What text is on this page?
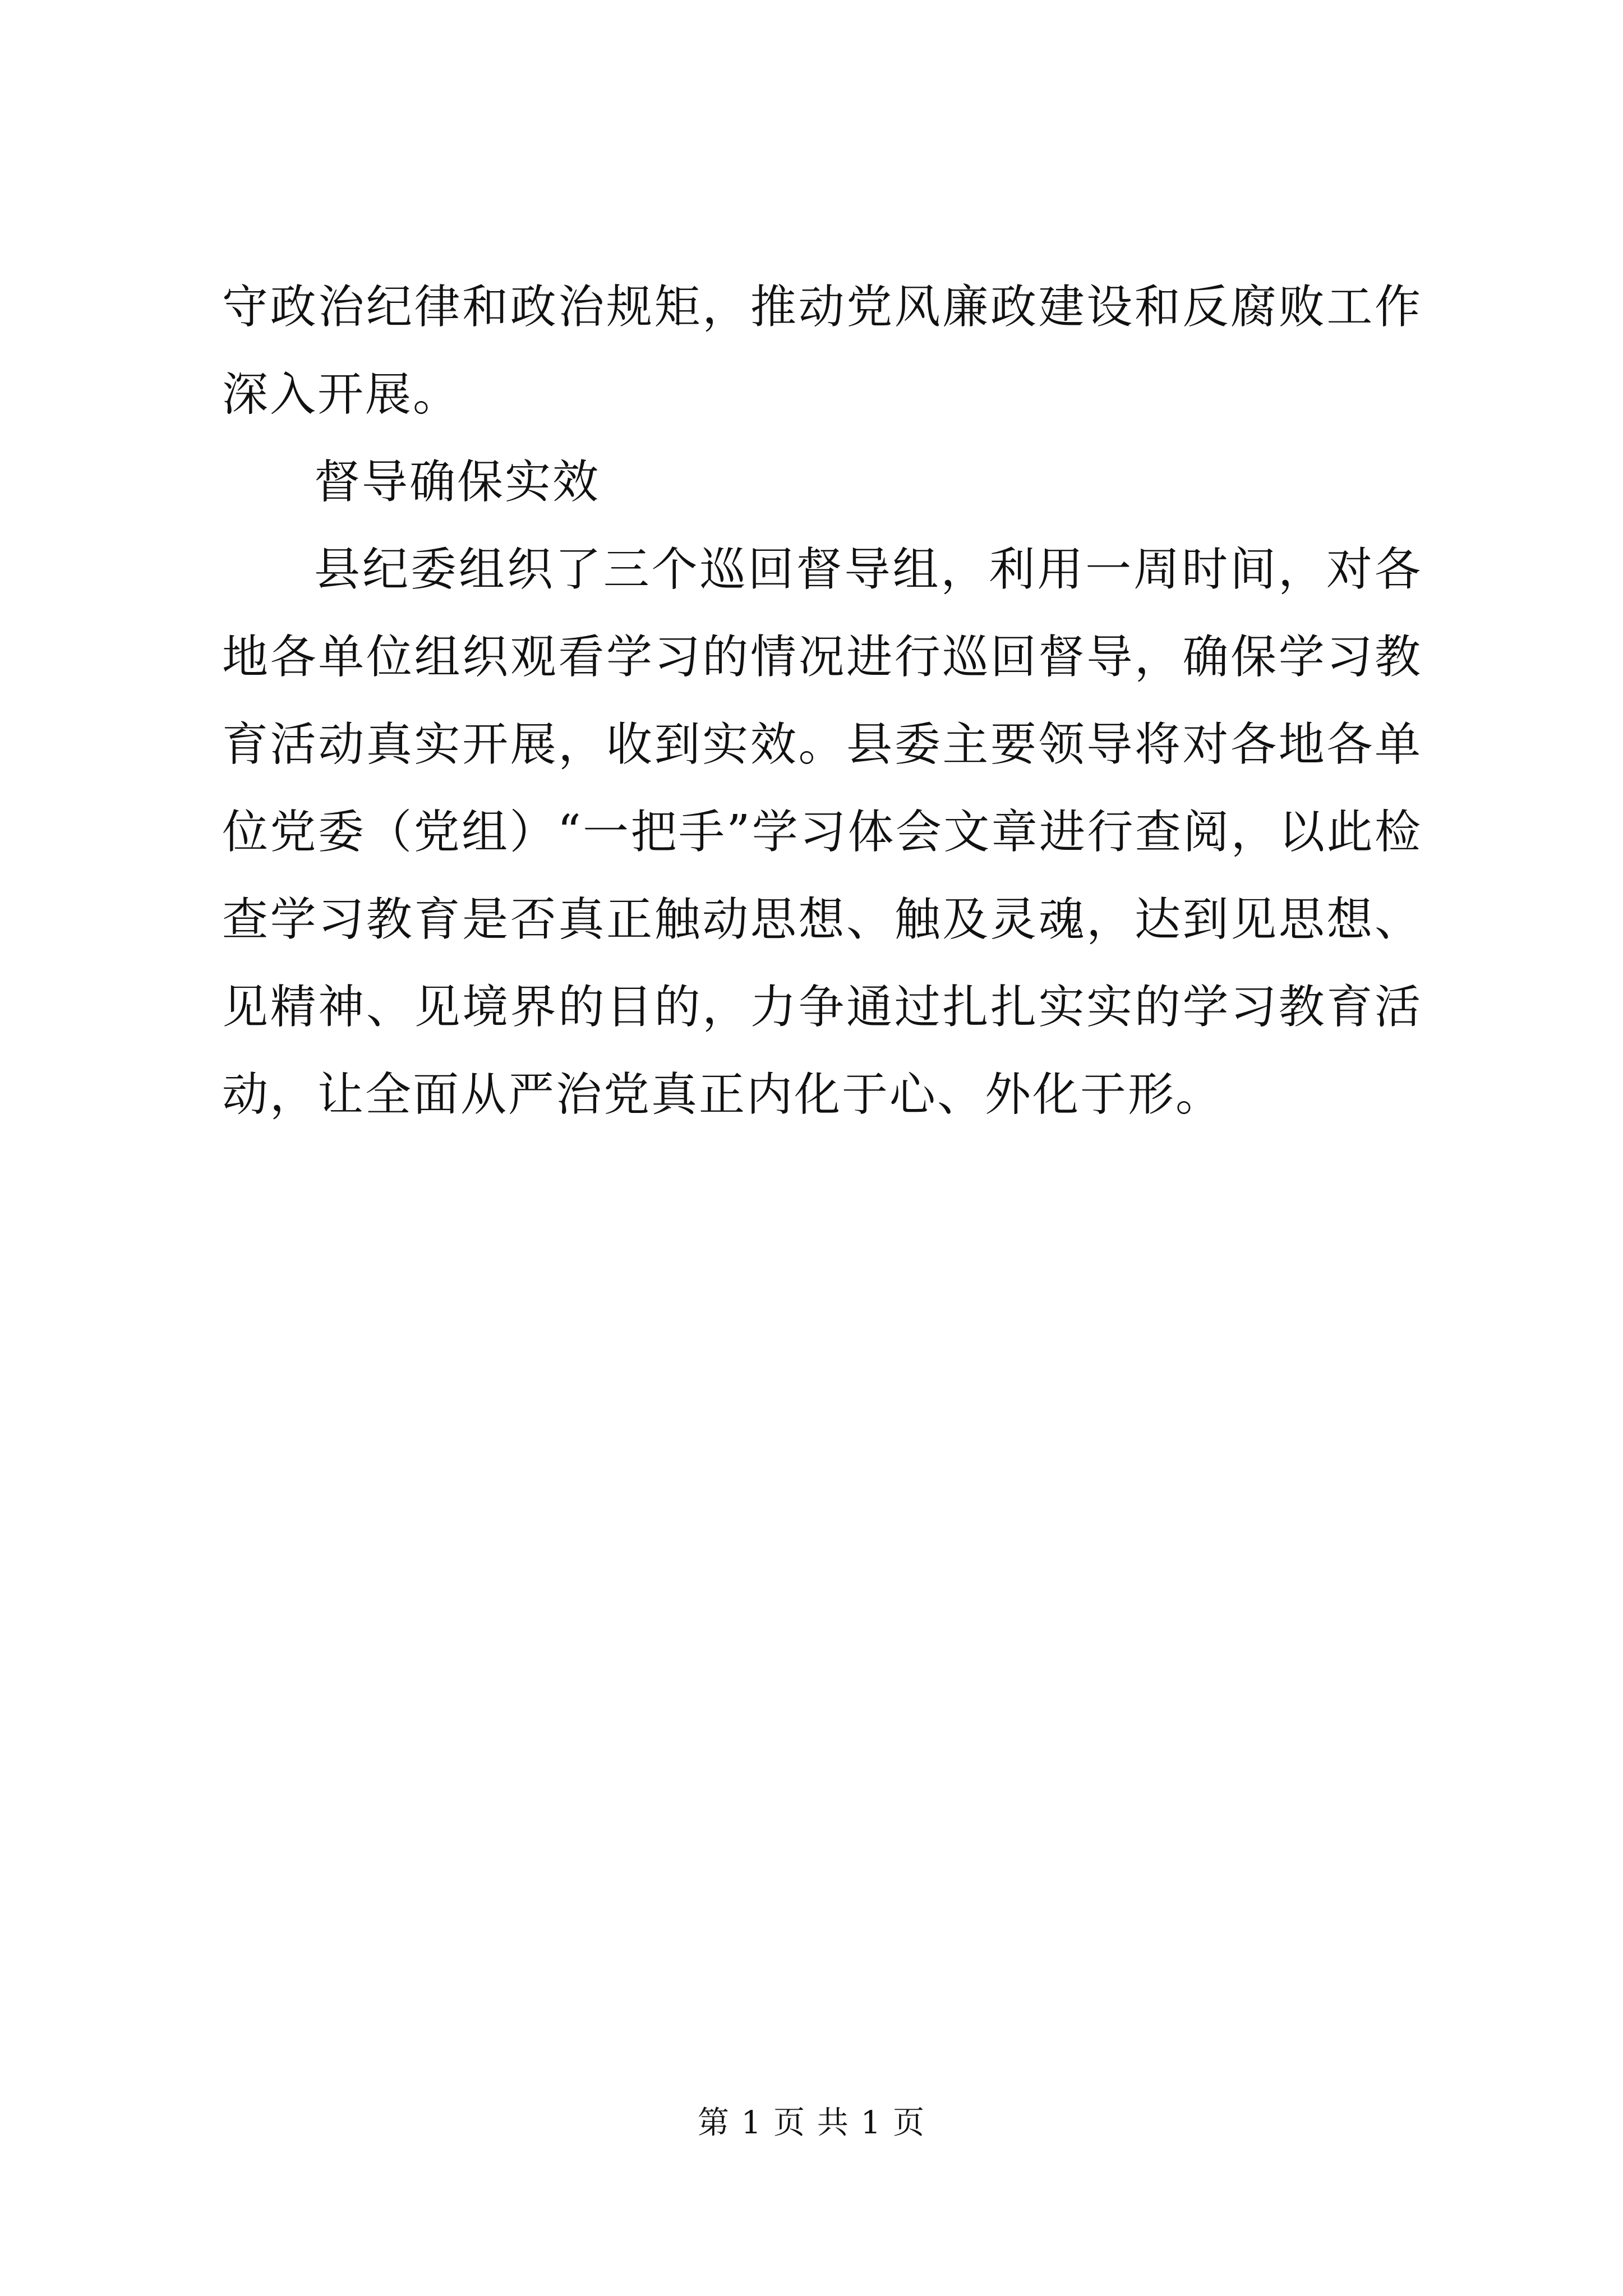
守政治纪律和政治规矩，推动党风廉政建设和反腐败工作深入开展。

督导确保实效

县纪委组织了三个巡回督导组，利用一周时间，对各地各单位组织观看学习的情况进行巡回督导，确保学习教育活动真实开展，收到实效。县委主要领导将对各地各单位党委（党组）“一把手”学习体会文章进行查阅，以此检查学习教育是否真正触动思想、触及灵魂，达到见思想、见精神、见境界的目的，力争通过扎扎实实的学习教育活动，让全面从严治党真正内化于心、外化于形。

第 1 页 共 1 页
